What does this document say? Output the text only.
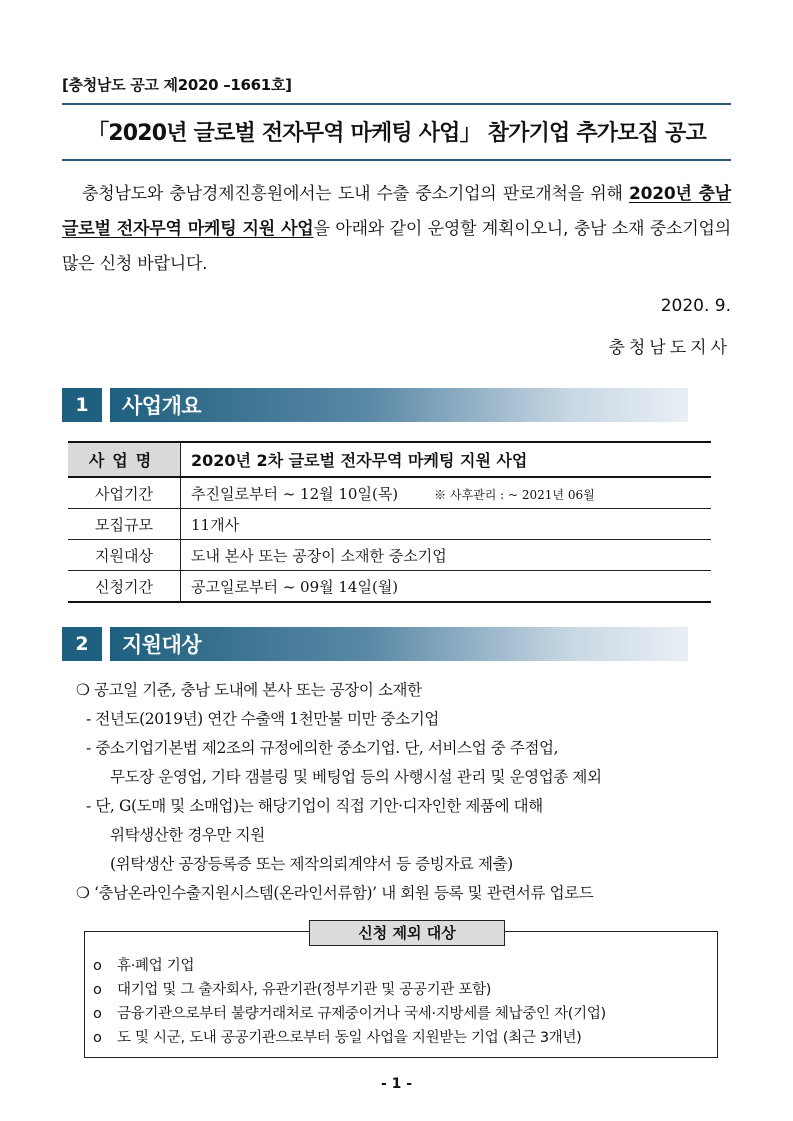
[충청남도 공고 제2020 –1661호]
「2020년 글로벌 전자무역 마케팅 사업」 참가기업 추가모집 공고
충청남도와 충남경제진흥원에서는 도내 수출 중소기업의 판로개척을 위해 2020년 충남 글로벌 전자무역 마케팅 지원 사업을 아래와 같이 운영할 계획이오니, 충남 소재 중소기업의 많은 신청 바랍니다.
2020. 9.
충청남도지사
1	사업개요
사업명	2020년 2차 글로벌 전자무역 마케팅 지원 사업
사업기간	추진일로부터 ~ 12월 10일(목) ※ 사후관리 : ~ 2021년 06월
모집규모	11개사
지원대상	도내 본사 또는 공장이 소재한 중소기업
신청기간	공고일로부터 ~ 09월 14일(월)
2	지원대상
❍ 공고일 기준, 충남 도내에 본사 또는 공장이 소재한
- 전년도(2019년) 연간 수출액 1천만불 미만 중소기업
- 중소기업기본법 제2조의 규정에의한 중소기업. 단, 서비스업 중 주점업,
무도장 운영업, 기타 갬블링 및 베팅업 등의 사행시설 관리 및 운영업종 제외
- 단, G(도매 및 소매업)는 해당기업이 직접 기안·디자인한 제품에 대해
위탁생산한 경우만 지원
(위탁생산 공장등록증 또는 제작의뢰계약서 등 증빙자료 제출)
❍ ‘충남온라인수출지원시스템(온라인서류함)’ 내 회원 등록 및 관련서류 업로드
신청 제외 대상
o 휴·폐업 기업
o 대기업 및 그 출자회사, 유관기관(정부기관 및 공공기관 포함)
o 금융기관으로부터 불량거래처로 규제중이거나 국세·지방세를 체납중인 자(기업)
o 도 및 시군, 도내 공공기관으로부터 동일 사업을 지원받는 기업 (최근 3개년)
- 1 -
